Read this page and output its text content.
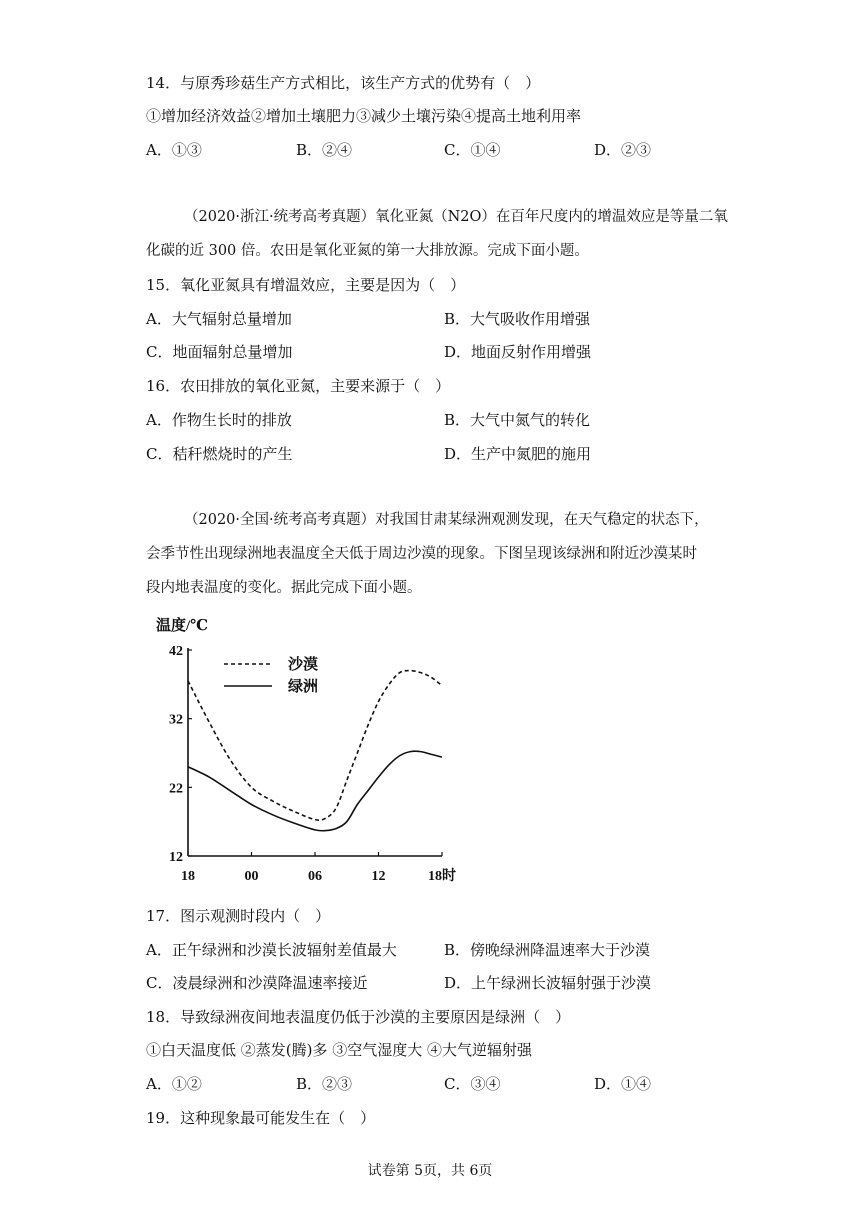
14．与原秀珍菇生产方式相比，该生产方式的优势有（　）
①增加经济效益②增加土壤肥力③减少土壤污染④提高土地利用率
A．①③	B．②④	C．①④	D．②③
（2020·浙江·统考高考真题）氧化亚氮（N2O）在百年尺度内的增温效应是等量二氧
化碳的近 300 倍。农田是氧化亚氮的第一大排放源。完成下面小题。
15．氧化亚氮具有增温效应，主要是因为（　）
A．大气辐射总量增加	B．大气吸收作用增强
C．地面辐射总量增加	D．地面反射作用增强
16．农田排放的氧化亚氮，主要来源于（　）
A．作物生长时的排放	B．大气中氮气的转化
C．秸秆燃烧时的产生	D．生产中氮肥的施用
（2020·全国·统考高考真题）对我国甘肃某绿洲观测发现，在天气稳定的状态下，
会季节性出现绿洲地表温度全天低于周边沙漠的现象。下图呈现该绿洲和附近沙漠某时
段内地表温度的变化。据此完成下面小题。
温度/℃
12
22
32
42
18	00	06	12	18时
沙漠
绿洲
17．图示观测时段内（　）
A．正午绿洲和沙漠长波辐射差值最大	B．傍晚绿洲降温速率大于沙漠
C．凌晨绿洲和沙漠降温速率接近	D．上午绿洲长波辐射强于沙漠
18．导致绿洲夜间地表温度仍低于沙漠的主要原因是绿洲（　）
①白天温度低 ②蒸发(腾)多 ③空气湿度大 ④大气逆辐射强
A．①②	B．②③	C．③④	D．①④
19．这种现象最可能发生在（　）
试卷第 5页，共 6页
